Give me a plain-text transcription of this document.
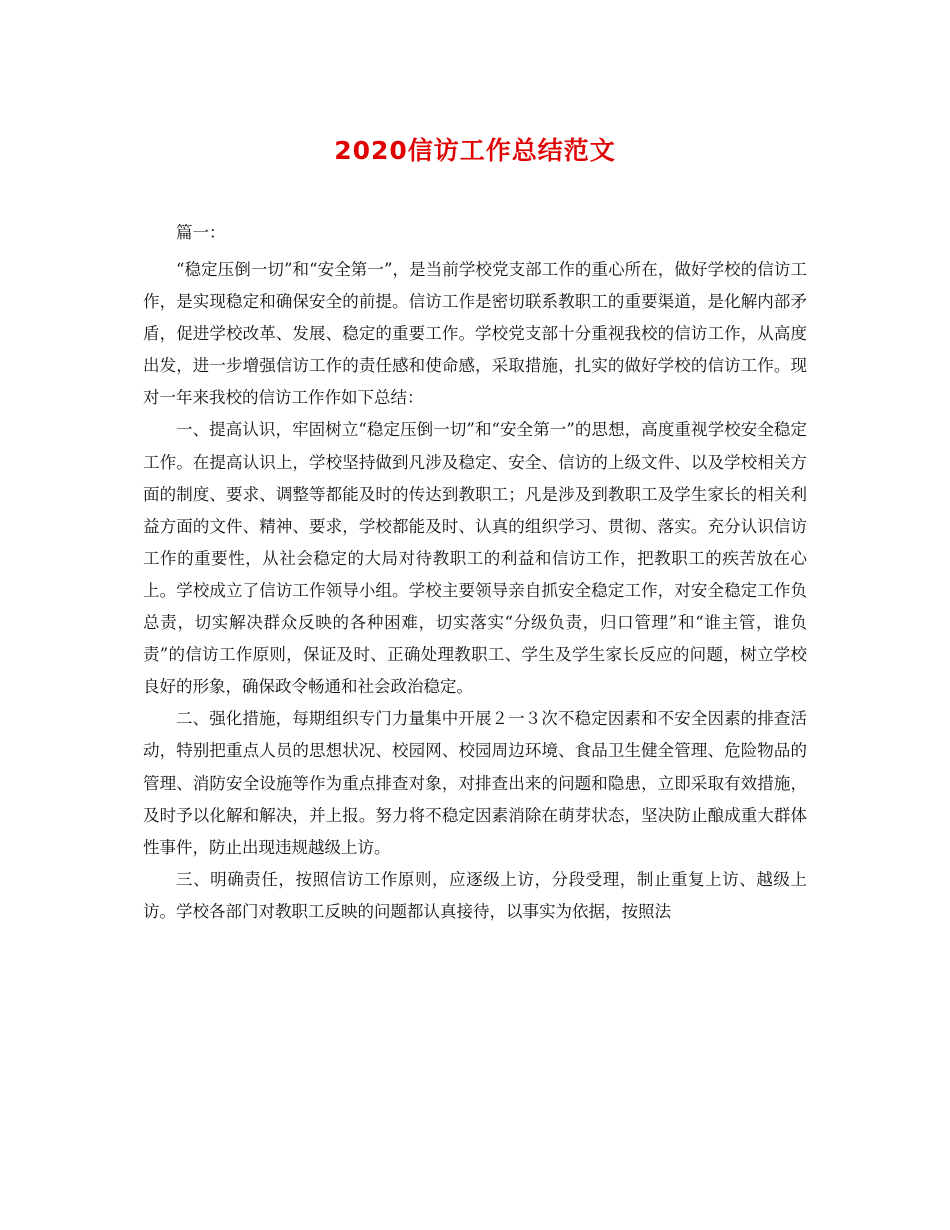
2020信访工作总结范文

篇一：

“稳定压倒一切”和“安全第一”，是当前学校党支部工作的重心所在，做好学校的信访工作，是实现稳定和确保安全的前提。信访工作是密切联系教职工的重要渠道，是化解内部矛盾，促进学校改革、发展、稳定的重要工作。学校党支部十分重视我校的信访工作，从高度出发，进一步增强信访工作的责任感和使命感，采取措施，扎实的做好学校的信访工作。现对一年来我校的信访工作作如下总结：

一、提高认识，牢固树立“稳定压倒一切”和“安全第一”的思想，高度重视学校安全稳定工作。在提高认识上，学校坚持做到凡涉及稳定、安全、信访的上级文件、以及学校相关方面的制度、要求、调整等都能及时的传达到教职工；凡是涉及到教职工及学生家长的相关利益方面的文件、精神、要求，学校都能及时、认真的组织学习、贯彻、落实。充分认识信访工作的重要性，从社会稳定的大局对待教职工的利益和信访工作，把教职工的疾苦放在心上。学校成立了信访工作领导小组。学校主要领导亲自抓安全稳定工作，对安全稳定工作负总责，切实解决群众反映的各种困难，切实落实“分级负责，归口管理”和“谁主管，谁负责”的信访工作原则，保证及时、正确处理教职工、学生及学生家长反应的问题，树立学校良好的形象，确保政令畅通和社会政治稳定。

二、强化措施，每期组织专门力量集中开展２一３次不稳定因素和不安全因素的排查活动，特别把重点人员的思想状况、校园网、校园周边环境、食品卫生健全管理、危险物品的管理、消防安全设施等作为重点排查对象，对排查出来的问题和隐患，立即采取有效措施，及时予以化解和解决，并上报。努力将不稳定因素消除在萌芽状态，坚决防止酿成重大群体性事件，防止出现违规越级上访。

三、明确责任，按照信访工作原则，应逐级上访，分段受理，制止重复上访、越级上访。学校各部门对教职工反映的问题都认真接待，以事实为依据，按照法
